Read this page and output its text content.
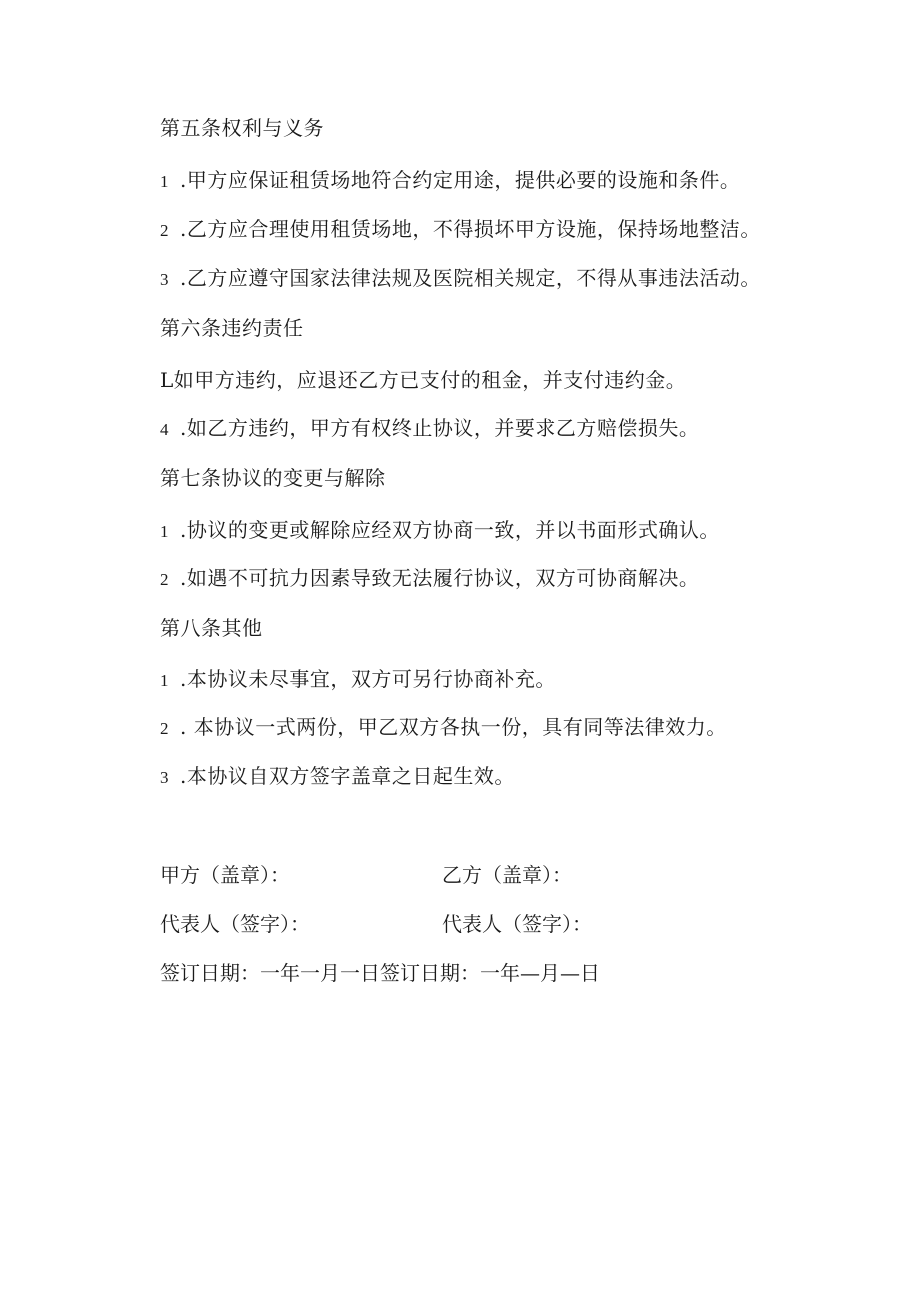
第五条权利与义务
1 .甲方应保证租赁场地符合约定用途，提供必要的设施和条件。
2 .乙方应合理使用租赁场地，不得损坏甲方设施，保持场地整洁。
3 .乙方应遵守国家法律法规及医院相关规定，不得从事违法活动。
第六条违约责任
L如甲方违约，应退还乙方已支付的租金，并支付违约金。
4 .如乙方违约，甲方有权终止协议，并要求乙方赔偿损失。
第七条协议的变更与解除
1 .协议的变更或解除应经双方协商一致，并以书面形式确认。
2 .如遇不可抗力因素导致无法履行协议，双方可协商解决。
第八条其他
1 .本协议未尽事宜，双方可另行协商补充。
2 . 本协议一式两份，甲乙双方各执一份，具有同等法律效力。
3 .本协议自双方签字盖章之日起生效。
甲方（盖章）：	乙方（盖章）：
代表人（签字）：	代表人（签字）：
签订日期：一年一月一日签订日期：一年—月—日
